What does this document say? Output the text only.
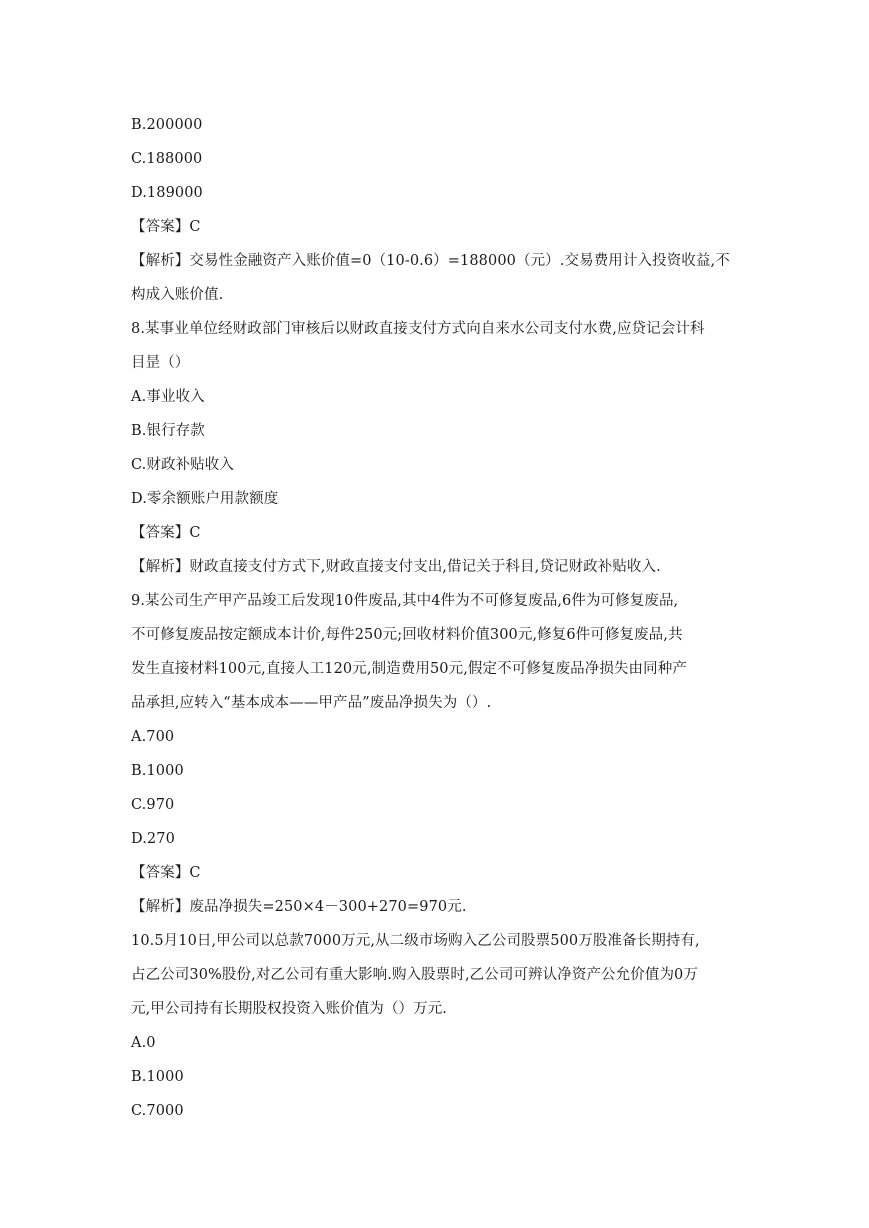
B.200000
C.188000
D.189000
【答案】C
【解析】交易性金融资产入账价值=0（10-0.6）=188000（元）.交易费用计入投资收益,不
构成入账价值.
8.某事业单位经财政部门审核后以财政直接支付方式向自来水公司支付水费,应贷记会计科
目昰（）
A.事业收入
B.银行存款
C.财政补贴收入
D.零余额账户用款额度
【答案】C
【解析】财政直接支付方式下,财政直接支付支出,借记关于科目,贷记财政补贴收入.
9.某公司生产甲产品竣工后发现10件废品,其中4件为不可修复废品,6件为可修复废品,
不可修复废品按定额成本计价,每件250元;回收材料价值300元,修复6件可修复废品,共
发生直接材料100元,直接人工120元,制造费用50元,假定不可修复废品净损失由同种产
品承担,应转入“基本成本——甲产品”废品净损失为（）.
A.700
B.1000
C.970
D.270
【答案】C
【解析】废品净损失=250×4－300+270=970元.
10.5月10日,甲公司以总款7000万元,从二级市场购入乙公司股票500万股准备长期持有,
占乙公司30%股份,对乙公司有重大影响.购入股票时,乙公司可辨认净资产公允价值为0万
元,甲公司持有长期股权投资入账价值为（）万元.
A.0
B.1000
C.7000
